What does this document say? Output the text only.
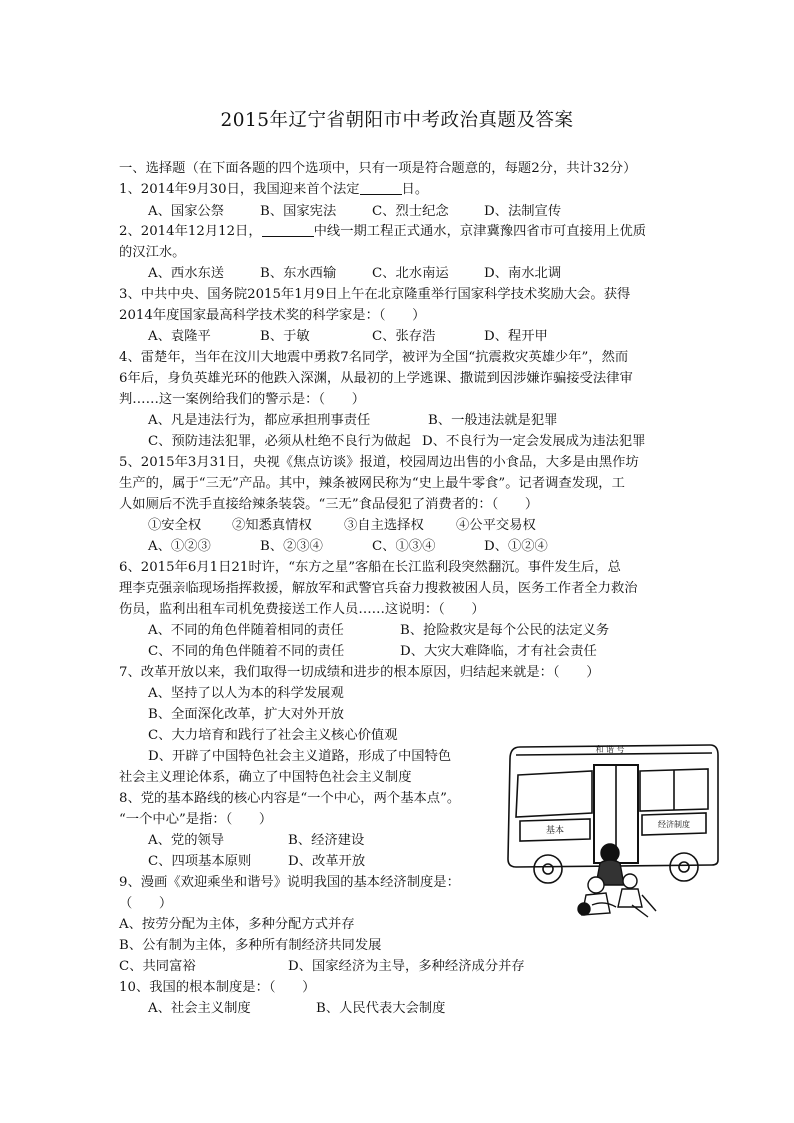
2015年辽宁省朝阳市中考政治真题及答案
一、选择题（在下面各题的四个选项中，只有一项是符合题意的，每题2分，共计32分）
1、2014年9月30日，我国迎来首个法定	日。
A、国家公祭	B、国家宪法	C、烈士纪念	D、法制宣传
2、2014年12月12日，	中线一期工程正式通水，京津冀豫四省市可直接用上优质
的汉江水。
A、西水东送	B、东水西输	C、北水南运	D、南水北调
3、中共中央、国务院2015年1月9日上午在北京隆重举行国家科学技术奖励大会。获得
2014年度国家最高科学技术奖的科学家是：（　　）
A、袁隆平	B、于敏	C、张存浩	D、程开甲
4、雷楚年，当年在汶川大地震中勇救7名同学，被评为全国“抗震救灾英雄少年”，然而
6年后，身负英雄光环的他跌入深渊，从最初的上学逃课、撒谎到因涉嫌诈骗接受法律审
判……这一案例给我们的警示是：（　　）
A、凡是违法行为，都应承担刑事责任	B、一般违法就是犯罪
C、预防违法犯罪，必须从杜绝不良行为做起 D、不良行为一定会发展成为违法犯罪
5、2015年3月31日，央视《焦点访谈》报道，校园周边出售的小食品，大多是由黑作坊
生产的，属于“三无”产品。其中，辣条被网民称为“史上最牛零食”。记者调查发现，工
人如厕后不洗手直接给辣条装袋。“三无”食品侵犯了消费者的：（　　）
①安全权 ②知悉真情权 ③自主选择权 ④公平交易权
A、①②③	B、②③④	C、①③④	D、①②④
6、2015年6月1日21时许，“东方之星”客船在长江监利段突然翻沉。事件发生后，总
理李克强亲临现场指挥救援，解放军和武警官兵奋力搜救被困人员，医务工作者全力救治
伤员，监利出租车司机免费接送工作人员……这说明：（　　）
A、不同的角色伴随着相同的责任	B、抢险救灾是每个公民的法定义务
C、不同的角色伴随着不同的责任	D、大灾大难降临，才有社会责任
7、改革开放以来，我们取得一切成绩和进步的根本原因，归结起来就是：（　　）
A、坚持了以人为本的科学发展观
B、全面深化改革，扩大对外开放
C、大力培育和践行了社会主义核心价值观
D、开辟了中国特色社会主义道路，形成了中国特色
社会主义理论体系，确立了中国特色社会主义制度
8、党的基本路线的核心内容是“一个中心，两个基本点”。
“一个中心”是指：（　　）
A、党的领导	B、经济建设
C、四项基本原则	D、改革开放
9、漫画《欢迎乘坐和谐号》说明我国的基本经济制度是：
（　　）
A、按劳分配为主体，多种分配方式并存
B、公有制为主体，多种所有制经济共同发展
C、共同富裕	D、国家经济为主导，多种经济成分并存
10、我国的根本制度是：（　　）
A、社会主义制度	B、人民代表大会制度
和 谐 号
基本
经济制度
